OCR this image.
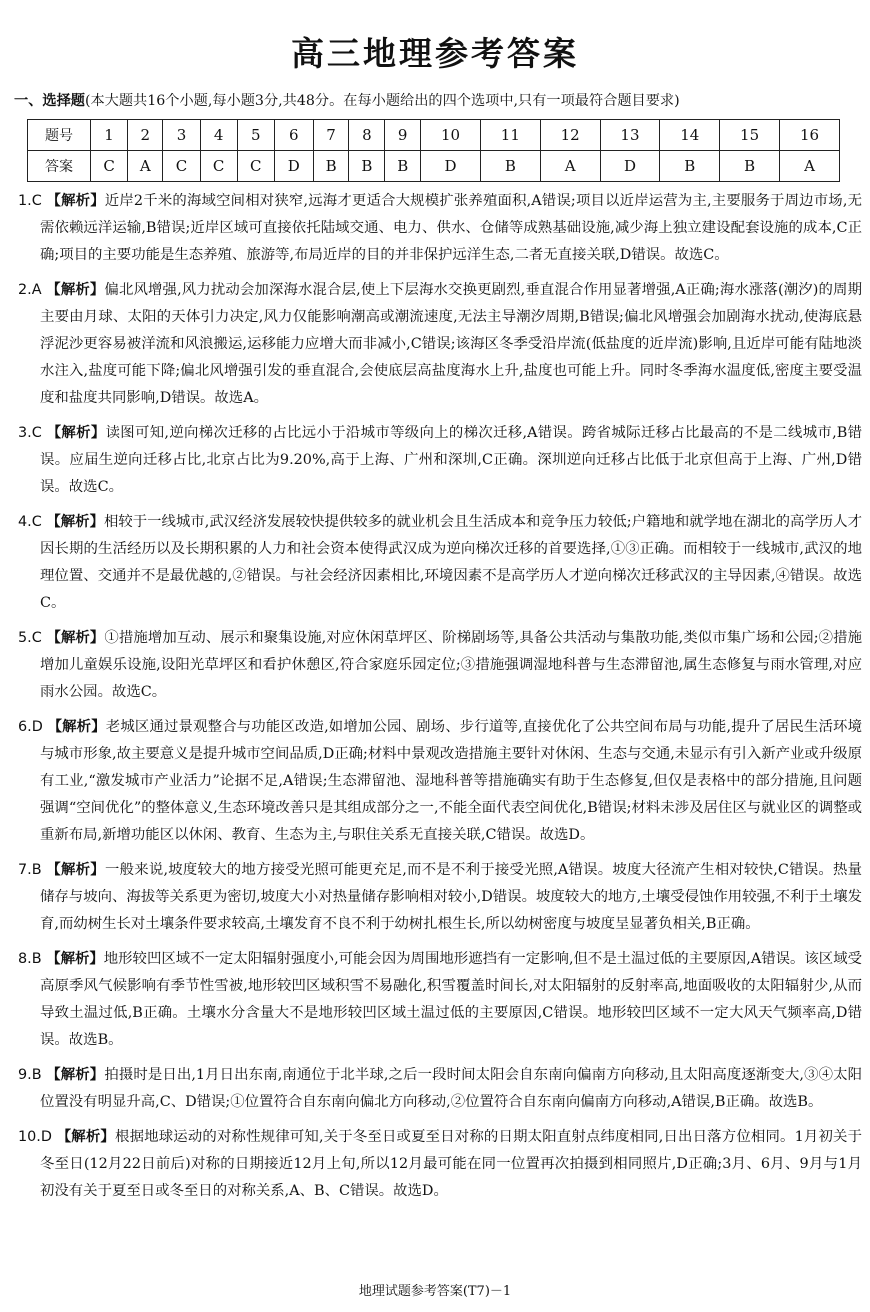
高三地理参考答案
一、选择题(本大题共16个小题,每小题3分,共48分。在每小题给出的四个选项中,只有一项最符合题目要求)
题号	1	2	3	4	5	6	7	8	9	10	11	12	13	14	15	16
答案	C	A	C	C	C	D	B	B	B	D	B	A	D	B	B	A
1.C 【解析】近岸2千米的海域空间相对狭窄,远海才更适合大规模扩张养殖面积,A错误;项目以近岸运营为主,主要服务于周边市场,无需依赖远洋运输,B错误;近岸区域可直接依托陆域交通、电力、供水、仓储等成熟基础设施,减少海上独立建设配套设施的成本,C正确;项目的主要功能是生态养殖、旅游等,布局近岸的目的并非保护远洋生态,二者无直接关联,D错误。故选C。
2.A 【解析】偏北风增强,风力扰动会加深海水混合层,使上下层海水交换更剧烈,垂直混合作用显著增强,A正确;海水涨落(潮汐)的周期主要由月球、太阳的天体引力决定,风力仅能影响潮高或潮流速度,无法主导潮汐周期,B错误;偏北风增强会加剧海水扰动,使海底悬浮泥沙更容易被洋流和风浪搬运,运移能力应增大而非减小,C错误;该海区冬季受沿岸流(低盐度的近岸流)影响,且近岸可能有陆地淡水注入,盐度可能下降;偏北风增强引发的垂直混合,会使底层高盐度海水上升,盐度也可能上升。同时冬季海水温度低,密度主要受温度和盐度共同影响,D错误。故选A。
3.C 【解析】读图可知,逆向梯次迁移的占比远小于沿城市等级向上的梯次迁移,A错误。跨省城际迁移占比最高的不是二线城市,B错误。应届生逆向迁移占比,北京占比为9.20%,高于上海、广州和深圳,C正确。深圳逆向迁移占比低于北京但高于上海、广州,D错误。故选C。
4.C 【解析】相较于一线城市,武汉经济发展较快提供较多的就业机会且生活成本和竞争压力较低;户籍地和就学地在湖北的高学历人才因长期的生活经历以及长期积累的人力和社会资本使得武汉成为逆向梯次迁移的首要选择,①③正确。而相较于一线城市,武汉的地理位置、交通并不是最优越的,②错误。与社会经济因素相比,环境因素不是高学历人才逆向梯次迁移武汉的主导因素,④错误。故选C。
5.C 【解析】①措施增加互动、展示和聚集设施,对应休闲草坪区、阶梯剧场等,具备公共活动与集散功能,类似市集广场和公园;②措施增加儿童娱乐设施,设阳光草坪区和看护休憩区,符合家庭乐园定位;③措施强调湿地科普与生态滞留池,属生态修复与雨水管理,对应雨水公园。故选C。
6.D 【解析】老城区通过景观整合与功能区改造,如增加公园、剧场、步行道等,直接优化了公共空间布局与功能,提升了居民生活环境与城市形象,故主要意义是提升城市空间品质,D正确;材料中景观改造措施主要针对休闲、生态与交通,未显示有引入新产业或升级原有工业,“激发城市产业活力”论据不足,A错误;生态滞留池、湿地科普等措施确实有助于生态修复,但仅是表格中的部分措施,且问题强调“空间优化”的整体意义,生态环境改善只是其组成部分之一,不能全面代表空间优化,B错误;材料未涉及居住区与就业区的调整或重新布局,新增功能区以休闲、教育、生态为主,与职住关系无直接关联,C错误。故选D。
7.B 【解析】一般来说,坡度较大的地方接受光照可能更充足,而不是不利于接受光照,A错误。坡度大径流产生相对较快,C错误。热量储存与坡向、海拔等关系更为密切,坡度大小对热量储存影响相对较小,D错误。坡度较大的地方,土壤受侵蚀作用较强,不利于土壤发育,而幼树生长对土壤条件要求较高,土壤发育不良不利于幼树扎根生长,所以幼树密度与坡度呈显著负相关,B正确。
8.B 【解析】地形较凹区域不一定太阳辐射强度小,可能会因为周围地形遮挡有一定影响,但不是土温过低的主要原因,A错误。该区域受高原季风气候影响有季节性雪被,地形较凹区域积雪不易融化,积雪覆盖时间长,对太阳辐射的反射率高,地面吸收的太阳辐射少,从而导致土温过低,B正确。土壤水分含量大不是地形较凹区域土温过低的主要原因,C错误。地形较凹区域不一定大风天气频率高,D错误。故选B。
9.B 【解析】拍摄时是日出,1月日出东南,南通位于北半球,之后一段时间太阳会自东南向偏南方向移动,且太阳高度逐渐变大,③④太阳位置没有明显升高,C、D错误;①位置符合自东南向偏北方向移动,②位置符合自东南向偏南方向移动,A错误,B正确。故选B。
10.D 【解析】根据地球运动的对称性规律可知,关于冬至日或夏至日对称的日期太阳直射点纬度相同,日出日落方位相同。1月初关于冬至日(12月22日前后)对称的日期接近12月上旬,所以12月最可能在同一位置再次拍摄到相同照片,D正确;3月、6月、9月与1月初没有关于夏至日或冬至日的对称关系,A、B、C错误。故选D。
地理试题参考答案(T7)－1
